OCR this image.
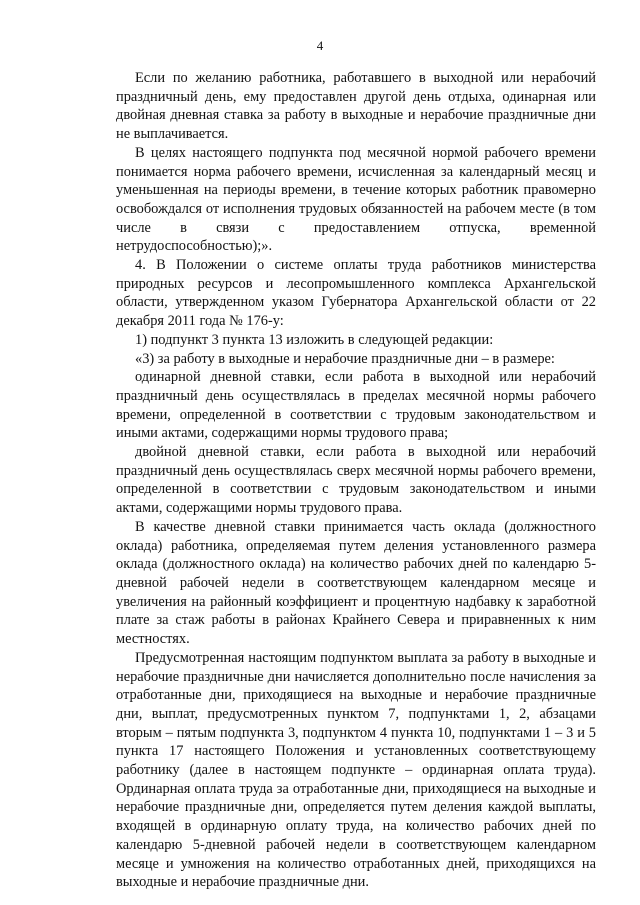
4

Если по желанию работника, работавшего в выходной или нерабочий праздничный день, ему предоставлен другой день отдыха, одинарная или двойная дневная ставка за работу в выходные и нерабочие праздничные дни не выплачивается.

В целях настоящего подпункта под месячной нормой рабочего времени понимается норма рабочего времени, исчисленная за календарный месяц и уменьшенная на периоды времени, в течение которых работник правомерно освобождался от исполнения трудовых обязанностей на рабочем месте (в том числе в связи с предоставлением отпуска, временной нетрудоспособностью);».

4. В Положении о системе оплаты труда работников министерства природных ресурсов и лесопромышленного комплекса Архангельской области, утвержденном указом Губернатора Архангельской области от 22 декабря 2011 года № 176-у:

1) подпункт 3 пункта 13 изложить в следующей редакции:

«3) за работу в выходные и нерабочие праздничные дни – в размере:

одинарной дневной ставки, если работа в выходной или нерабочий праздничный день осуществлялась в пределах месячной нормы рабочего времени, определенной в соответствии с трудовым законодательством и иными актами, содержащими нормы трудового права;

двойной дневной ставки, если работа в выходной или нерабочий праздничный день осуществлялась сверх месячной нормы рабочего времени, определенной в соответствии с трудовым законодательством и иными актами, содержащими нормы трудового права.

В качестве дневной ставки принимается часть оклада (должностного оклада) работника, определяемая путем деления установленного размера оклада (должностного оклада) на количество рабочих дней по календарю 5-дневной рабочей недели в соответствующем календарном месяце и увеличения на районный коэффициент и процентную надбавку к заработной плате за стаж работы в районах Крайнего Севера и приравненных к ним местностях.

Предусмотренная настоящим подпунктом выплата за работу в выходные и нерабочие праздничные дни начисляется дополнительно после начисления за отработанные дни, приходящиеся на выходные и нерабочие праздничные дни, выплат, предусмотренных пунктом 7, подпунктами 1, 2, абзацами вторым – пятым подпункта 3, подпунктом 4 пункта 10, подпунктами 1 – 3 и 5 пункта 17 настоящего Положения и установленных соответствующему работнику (далее в настоящем подпункте – ординарная оплата труда). Ординарная оплата труда за отработанные дни, приходящиеся на выходные и нерабочие праздничные дни, определяется путем деления каждой выплаты, входящей в ординарную оплату труда, на количество рабочих дней по календарю 5-дневной рабочей недели в соответствующем календарном месяце и умножения на количество отработанных дней, приходящихся на выходные и нерабочие праздничные дни.
